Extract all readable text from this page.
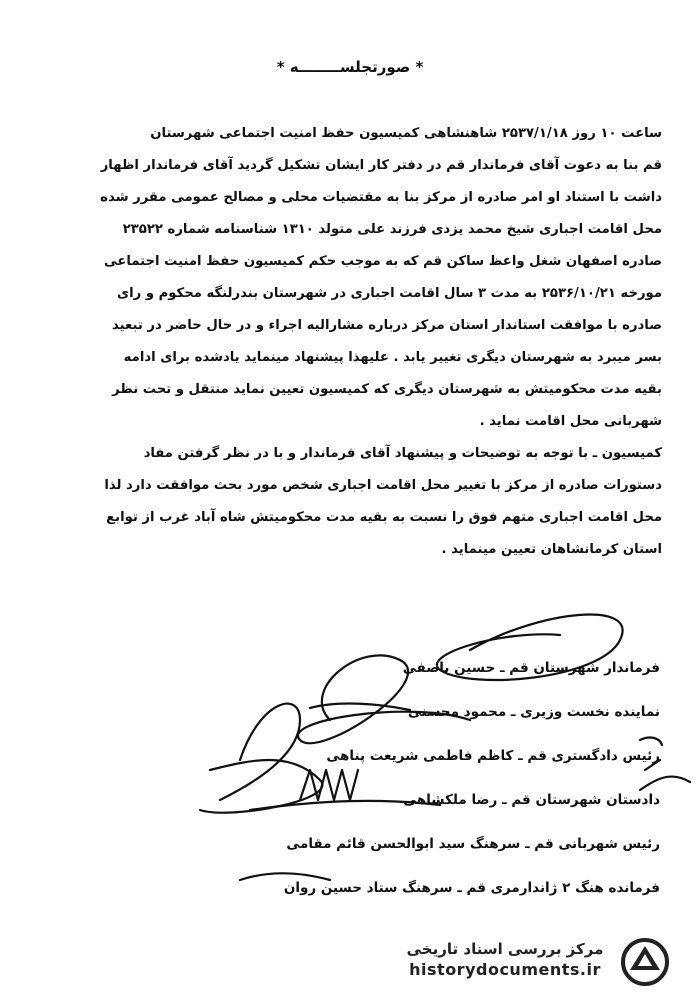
* صورتجلســــــــه *
ساعت ۱۰ روز ۲۵۳۷/۱/۱۸ شاهنشاهی کمیسیون حفظ امنیت اجتماعی شهرستان
قم بنا به دعوت آقای فرماندار قم در دفتر کار ایشان تشکیل گردید آقای فرماندار اظهار
داشت با استناد او امر صادره از مرکز بنا به مقتضیات محلی و مصالح عمومی مقرر شده
محل اقامت اجباری شیخ محمد یزدی فرزند علی متولد ۱۳۱۰ شناسنامه شماره ۲۳۵۲۲
صادره اصفهان شغل واعظ ساکن قم که به موجب حکم کمیسیون حفظ امنیت اجتماعی
مورخه ۲۵۳۶/۱۰/۲۱ به مدت ۳ سال اقامت اجباری در شهرستان بندرلنگه محکوم و رای
صادره با موافقت استاندار استان مرکز درباره مشارالیه اجراء و در حال حاضر در تبعید
بسر میبرد به شهرستان دیگری تغییر یابد . علیهذا پیشنهاد مینماید یادشده برای ادامه
بقیه مدت محکومیتش به شهرستان دیگری که کمیسیون تعیین نماید منتقل و تحت نظر
شهربانی محل اقامت نماید .
کمیسیون ـ با توجه به توضیحات و پیشنهاد آقای فرماندار و با در نظر گرفتن مفاد
دستورات صادره از مرکز با تغییر محل اقامت اجباری شخص مورد بحث موافقت دارد لذا
محل اقامت اجباری متهم فوق را نسبت به بقیه مدت محکومیتش شاه آباد غرب از توابع
استان کرمانشاهان تعیین مینماید .
فرماندار شهرستان قم ـ حسین باصفی
نماینده نخست وزیری ـ محمود محسنی
رئیس دادگستری قم ـ کاظم فاطمی شریعت پناهی
دادستان شهرستان قم ـ رضا ملکشاهی
رئیس شهربانی قم ـ سرهنگ سید ابوالحسن قائم مقامی
فرمانده هنگ ۲ ژاندارمری قم ـ سرهنگ ستاد حسین روان
مرکز بررسی اسناد تاریخی
historydocuments.ir
